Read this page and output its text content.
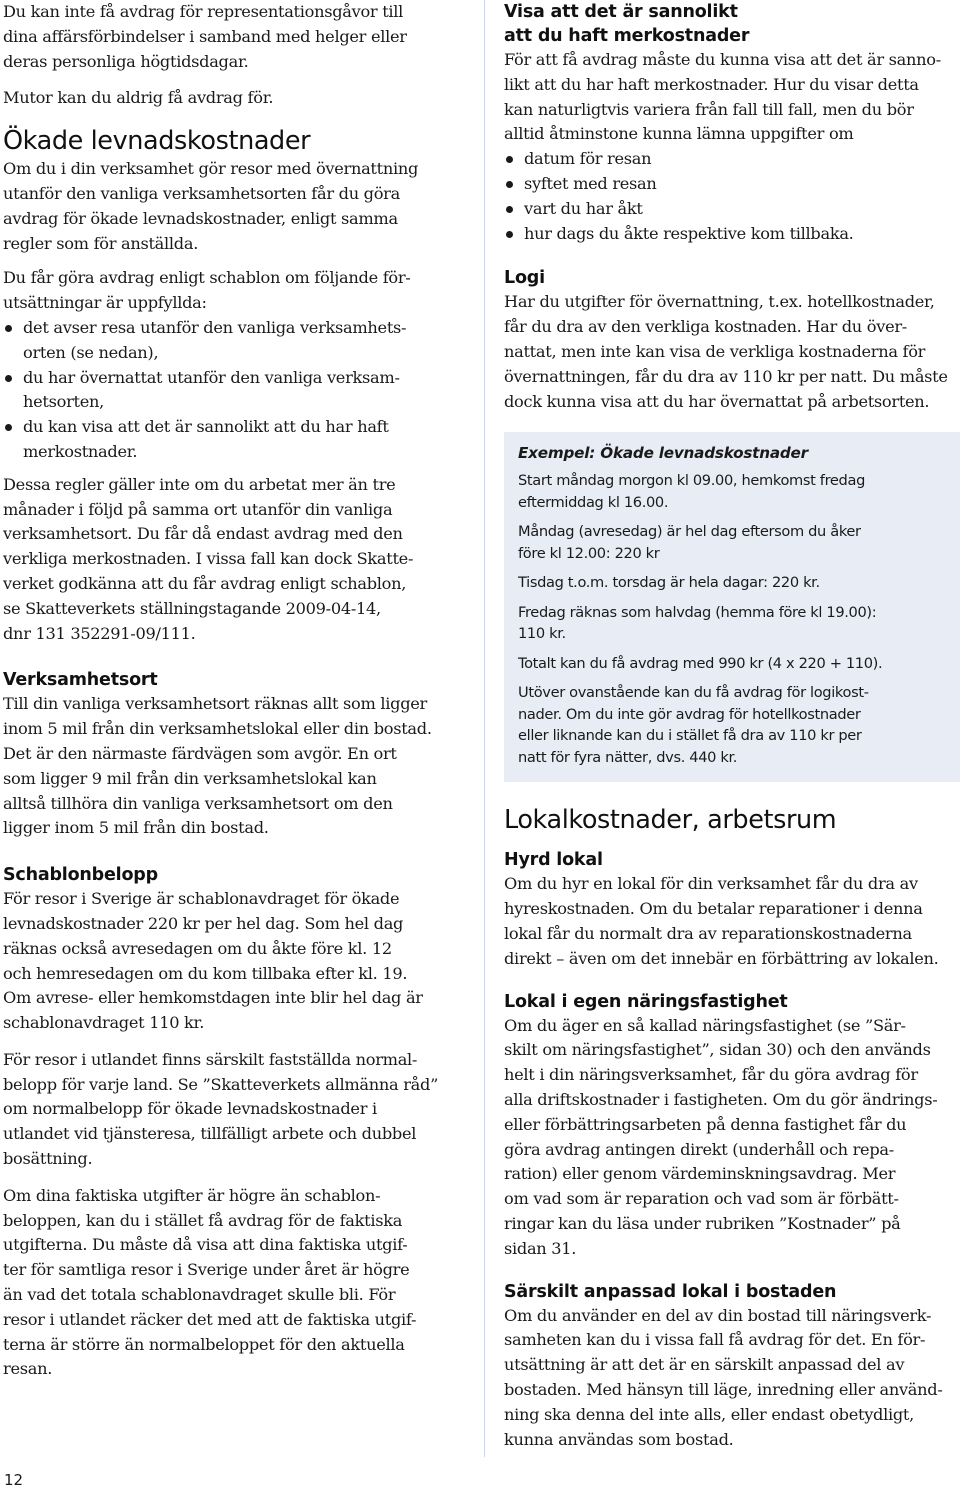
Du kan inte få avdrag för representationsgåvor till
dina affärsförbindelser i samband med helger eller
deras personliga högtidsdagar.

Mutor kan du aldrig få avdrag för.

Ökade levnadskostnader

Om du i din verksamhet gör resor med övernattning
utanför den vanliga verksamhetsorten får du göra
avdrag för ökade levnadskostnader, enligt samma
regler som för anställda.

Du får göra avdrag enligt schablon om följande för-
utsättningar är uppfyllda:

det avser resa utanför den vanliga verksamhets-
orten (se nedan),
du har övernattat utanför den vanliga verksam-
hetsorten,
du kan visa att det är sannolikt att du har haft
merkostnader.

Dessa regler gäller inte om du arbetat mer än tre
månader i följd på samma ort utanför din vanliga
verksamhetsort. Du får då endast avdrag med den
verkliga merkostnaden. I vissa fall kan dock Skatte-
verket godkänna att du får avdrag enligt schablon,
se Skatteverkets ställningstagande 2009-04-14,
dnr 131 352291-09/111.

Verksamhetsort

Till din vanliga verksamhetsort räknas allt som ligger
inom 5 mil från din verksamhetslokal eller din bostad.
Det är den närmaste färdvägen som avgör. En ort
som ligger 9 mil från din verksamhetslokal kan
alltså tillhöra din vanliga verksamhetsort om den
ligger inom 5 mil från din bostad.

Schablonbelopp

För resor i Sverige är schablonavdraget för ökade
levnadskostnader 220 kr per hel dag. Som hel dag
räknas också avresedagen om du åkte före kl. 12
och hemresedagen om du kom tillbaka efter kl. 19.
Om avrese- eller hemkomstdagen inte blir hel dag är
schablonavdraget 110 kr.

För resor i utlandet finns särskilt fastställda normal-
belopp för varje land. Se ”Skatteverkets allmänna råd”
om normalbelopp för ökade levnadskostnader i
utlandet vid tjänsteresa, tillfälligt arbete och dubbel
bosättning.

Om dina faktiska utgifter är högre än schablon-
beloppen, kan du i stället få avdrag för de faktiska
utgifterna. Du måste då visa att dina faktiska utgif-
ter för samtliga resor i Sverige under året är högre
än vad det totala schablonavdraget skulle bli. För
resor i utlandet räcker det med att de faktiska utgif-
terna är större än normalbeloppet för den aktuella
resan.

Visa att det är sannolikt
att du haft merkostnader

För att få avdrag måste du kunna visa att det är sanno-
likt att du har haft merkostnader. Hur du visar detta
kan naturligtvis variera från fall till fall, men du bör
alltid åtminstone kunna lämna uppgifter om

datum för resan
syftet med resan
vart du har åkt
hur dags du åkte respektive kom tillbaka.
Logi

Har du utgifter för övernattning, t.ex. hotellkostnader,
får du dra av den verkliga kostnaden. Har du över-
nattat, men inte kan visa de verkliga kostnaderna för
övernattningen, får du dra av 110 kr per natt. Du måste
dock kunna visa att du har övernattat på arbetsorten.

Exempel: Ökade levnadskostnader

Start måndag morgon kl 09.00, hemkomst fredag
eftermiddag kl 16.00.

Måndag (avresedag) är hel dag eftersom du åker
före kl 12.00: 220 kr

Tisdag t.o.m. torsdag är hela dagar: 220 kr.

Fredag räknas som halvdag (hemma före kl 19.00):
110 kr.

Totalt kan du få avdrag med 990 kr (4 x 220 + 110).

Utöver ovanstående kan du få avdrag för logikost-
nader. Om du inte gör avdrag för hotellkostnader
eller liknande kan du i stället få dra av 110 kr per
natt för fyra nätter, dvs. 440 kr.

Lokalkostnader, arbetsrum
Hyrd lokal

Om du hyr en lokal för din verksamhet får du dra av
hyreskostnaden. Om du betalar reparationer i denna
lokal får du normalt dra av reparationskostnaderna
direkt – även om det innebär en förbättring av lokalen.

Lokal i egen näringsfastighet

Om du äger en så kallad näringsfastighet (se ”Sär-
skilt om näringsfastighet”, sidan 30) och den används
helt i din näringsverksamhet, får du göra avdrag för
alla driftskostnader i fastigheten. Om du gör ändrings-
eller förbättringsarbeten på denna fastighet får du
göra avdrag antingen direkt (underhåll och repa-
ration) eller genom värdeminskningsavdrag. Mer
om vad som är reparation och vad som är förbätt-
ringar kan du läsa under rubriken ”Kostnader” på
sidan 31.

Särskilt anpassad lokal i bostaden

Om du använder en del av din bostad till näringsverk-
samheten kan du i vissa fall få avdrag för det. En för-
utsättning är att det är en särskilt anpassad del av
bostaden. Med hänsyn till läge, inredning eller använd-
ning ska denna del inte alls, eller endast obetydligt,
kunna användas som bostad.

12
